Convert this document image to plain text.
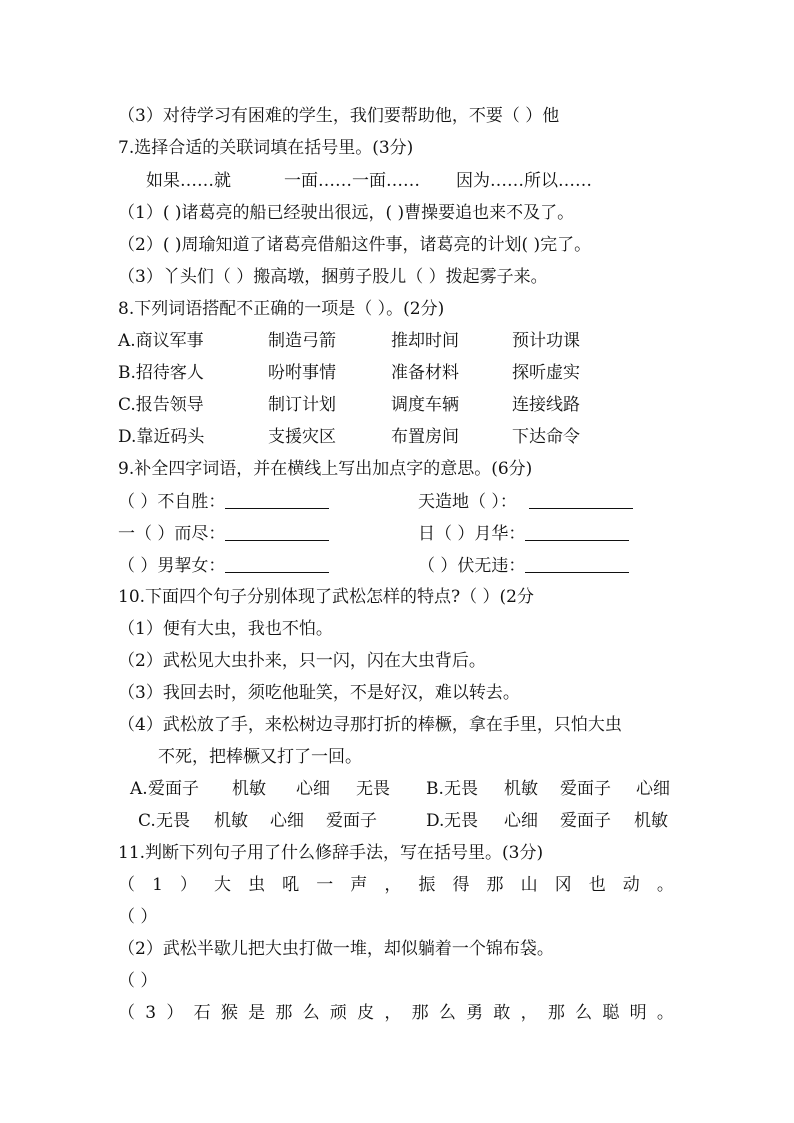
（3）对待学习有困难的学生，我们要帮助他，不要（ ）他
7.选择合适的关联词填在括号里。(3分)
如果……就	一面……一面…… 因为……所以……
（1）( )诸葛亮的船已经驶出很远，( )曹操要追也来不及了。
（2）( )周瑜知道了诸葛亮借船这件事，诸葛亮的计划( )完了。
（3）丫头们（ ）搬高墩，捆剪子股儿（ ）拨起雾子来。
8.下列词语搭配不正确的一项是（ ）。(2分)
A.商议军事	制造弓箭	推却时间	预计功课
B.招待客人	吩咐事情	准备材料	探听虚实
C.报告领导	制订计划	调度车辆	连接线路
D.靠近码头	支援灾区	布置房间	下达命令
9.补全四字词语，并在横线上写出加点字的意思。(6分)
（ ）不自胜：	天造地（ ）：
一（ ）而尽：	日（ ）月华：
（ ）男挈女：	（ ）伏无违：
10.下面四个句子分别体现了武松怎样的特点?（ ）(2分
（1）便有大虫，我也不怕。
（2）武松见大虫扑来，只一闪，闪在大虫背后。
（3）我回去时，须吃他耻笑，不是好汉，难以转去。
（4）武松放了手，来松树边寻那打折的棒橛，拿在手里，只怕大虫
不死，把棒橛又打了一回。
A. 爱面子 机敏 心细 无畏 B. 无畏 机敏 爱面子 心细
C. 无畏 机敏 心细 爱面子	D. 无畏 心细 爱面子 机敏
11.判断下列句子用了什么修辞手法，写在括号里。(3分)
（ 1 ） 大 虫 吼 一 声 ， 振 得 那 山 冈 也 动 。
（ ）
（2）武松半歇儿把大虫打做一堆，却似躺着一个锦布袋。
（ ）
（ 3 ） 石 猴 是 那 么 顽 皮 ， 那 么 勇 敢 ， 那 么 聪 明 。
